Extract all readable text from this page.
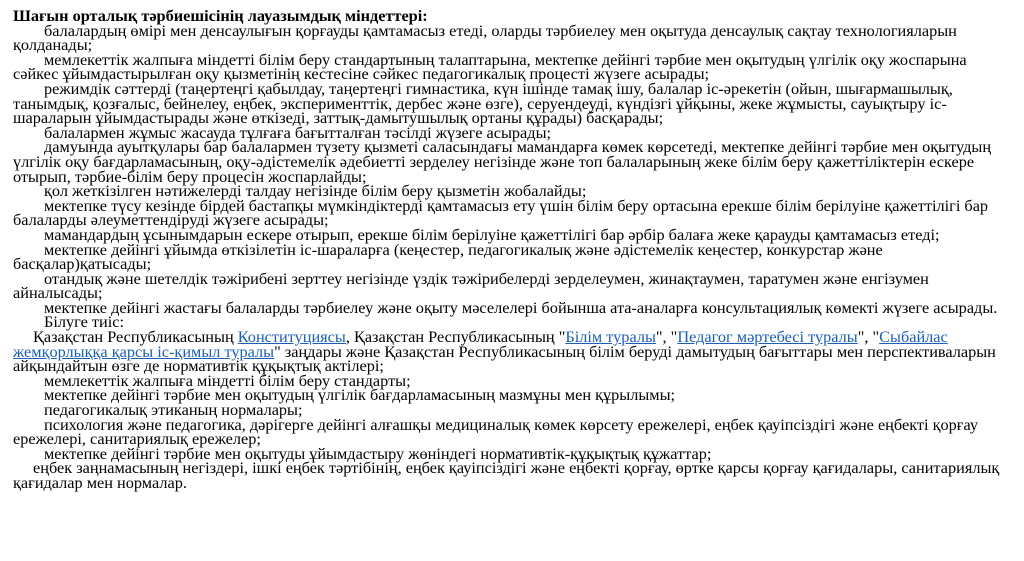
Шағын орталық тәрбиешісінің лауазымдық міндеттері:

балалардың өмірі мен денсаулығын қорғауды қамтамасыз етеді, оларды тәрбиелеу мен оқытуда денсаулық сақтау технологияларын қолданады;

мемлекеттік жалпыға міндетті білім беру стандартының талаптарына, мектепке дейінгі тәрбие мен оқытудың үлгілік оқу жоспарына сәйкес ұйымдастырылған оқу қызметінің кестесіне сәйкес педагогикалық процесті жүзеге асырады;

режимдік сәттерді (таңертеңгі қабылдау, таңертеңгі гимнастика, күн ішінде тамақ ішу, балалар іс-әрекетін (ойын, шығармашылық, танымдық, қозғалыс, бейнелеу, еңбек, эксперименттік, дербес және өзге), серуендеуді, күндізгі ұйқыны, жеке жұмысты, сауықтыру іс-шараларын ұйымдастырады және өткізеді, заттық-дамытушылық ортаны құрады) басқарады;

балалармен жұмыс жасауда тұлғаға бағытталған тәсілді жүзеге асырады;

дамуында ауытқулары бар балалармен түзету қызметі саласындағы мамандарға көмек көрсетеді, мектепке дейінгі тәрбие мен оқытудың үлгілік оқу бағдарламасының, оқу-әдістемелік әдебиетті зерделеу негізінде және топ балаларының жеке білім беру қажеттіліктерін ескере отырып, тәрбие-білім беру процесін жоспарлайды;

қол жеткізілген нәтижелерді талдау негізінде білім беру қызметін жобалайды;

мектепке түсу кезінде бірдей бастапқы мүмкіндіктерді қамтамасыз ету үшін білім беру ортасына ерекше білім берілуіне қажеттілігі бар балаларды әлеуметтендіруді жүзеге асырады;

мамандардың ұсынымдарын ескере отырып, ерекше білім берілуіне қажеттілігі бар әрбір балаға жеке қарауды қамтамасыз етеді;

мектепке дейінгі ұйымда өткізілетін іс-шараларға (кеңестер, педагогикалық және әдістемелік кеңестер, конкурстар және басқалар)қатысады;

отандық және шетелдік тәжірибені зерттеу негізінде үздік тәжірибелерді зерделеумен, жинақтаумен, таратумен және енгізумен айналысады;

мектепке дейінгі жастағы балаларды тәрбиелеу және оқыту мәселелері бойынша ата-аналарға консультациялық көмекті жүзеге асырады.

Білуге тиіс:

Қазақстан Республикасының Конституциясы, Қазақстан Республикасының "Білім туралы", "Педагог мәртебесі туралы", "Сыбайлас жемқорлыққа қарсы іс-қимыл туралы" заңдары және Қазақстан Республикасының білім беруді дамытудың бағыттары мен перспективаларын айқындайтын өзге де нормативтік құқықтық актілері;

мемлекеттік жалпыға міндетті білім беру стандарты;

мектепке дейінгі тәрбие мен оқытудың үлгілік бағдарламасының мазмұны мен құрылымы;

педагогикалық этиканың нормалары;

психология және педагогика, дәрігерге дейінгі алғашқы медициналық көмек көрсету ережелері, еңбек қауіпсіздігі және еңбекті қорғау ережелері, санитариялық ережелер;

мектепке дейінгі тәрбие мен оқытуды ұйымдастыру жөніндегі нормативтік-құқықтық құжаттар;

еңбек заңнамасының негіздері, ішкі еңбек тәртібінің, еңбек қауіпсіздігі және еңбекті қорғау, өртке қарсы қорғау қағидалары, санитариялық қағидалар мен нормалар.
